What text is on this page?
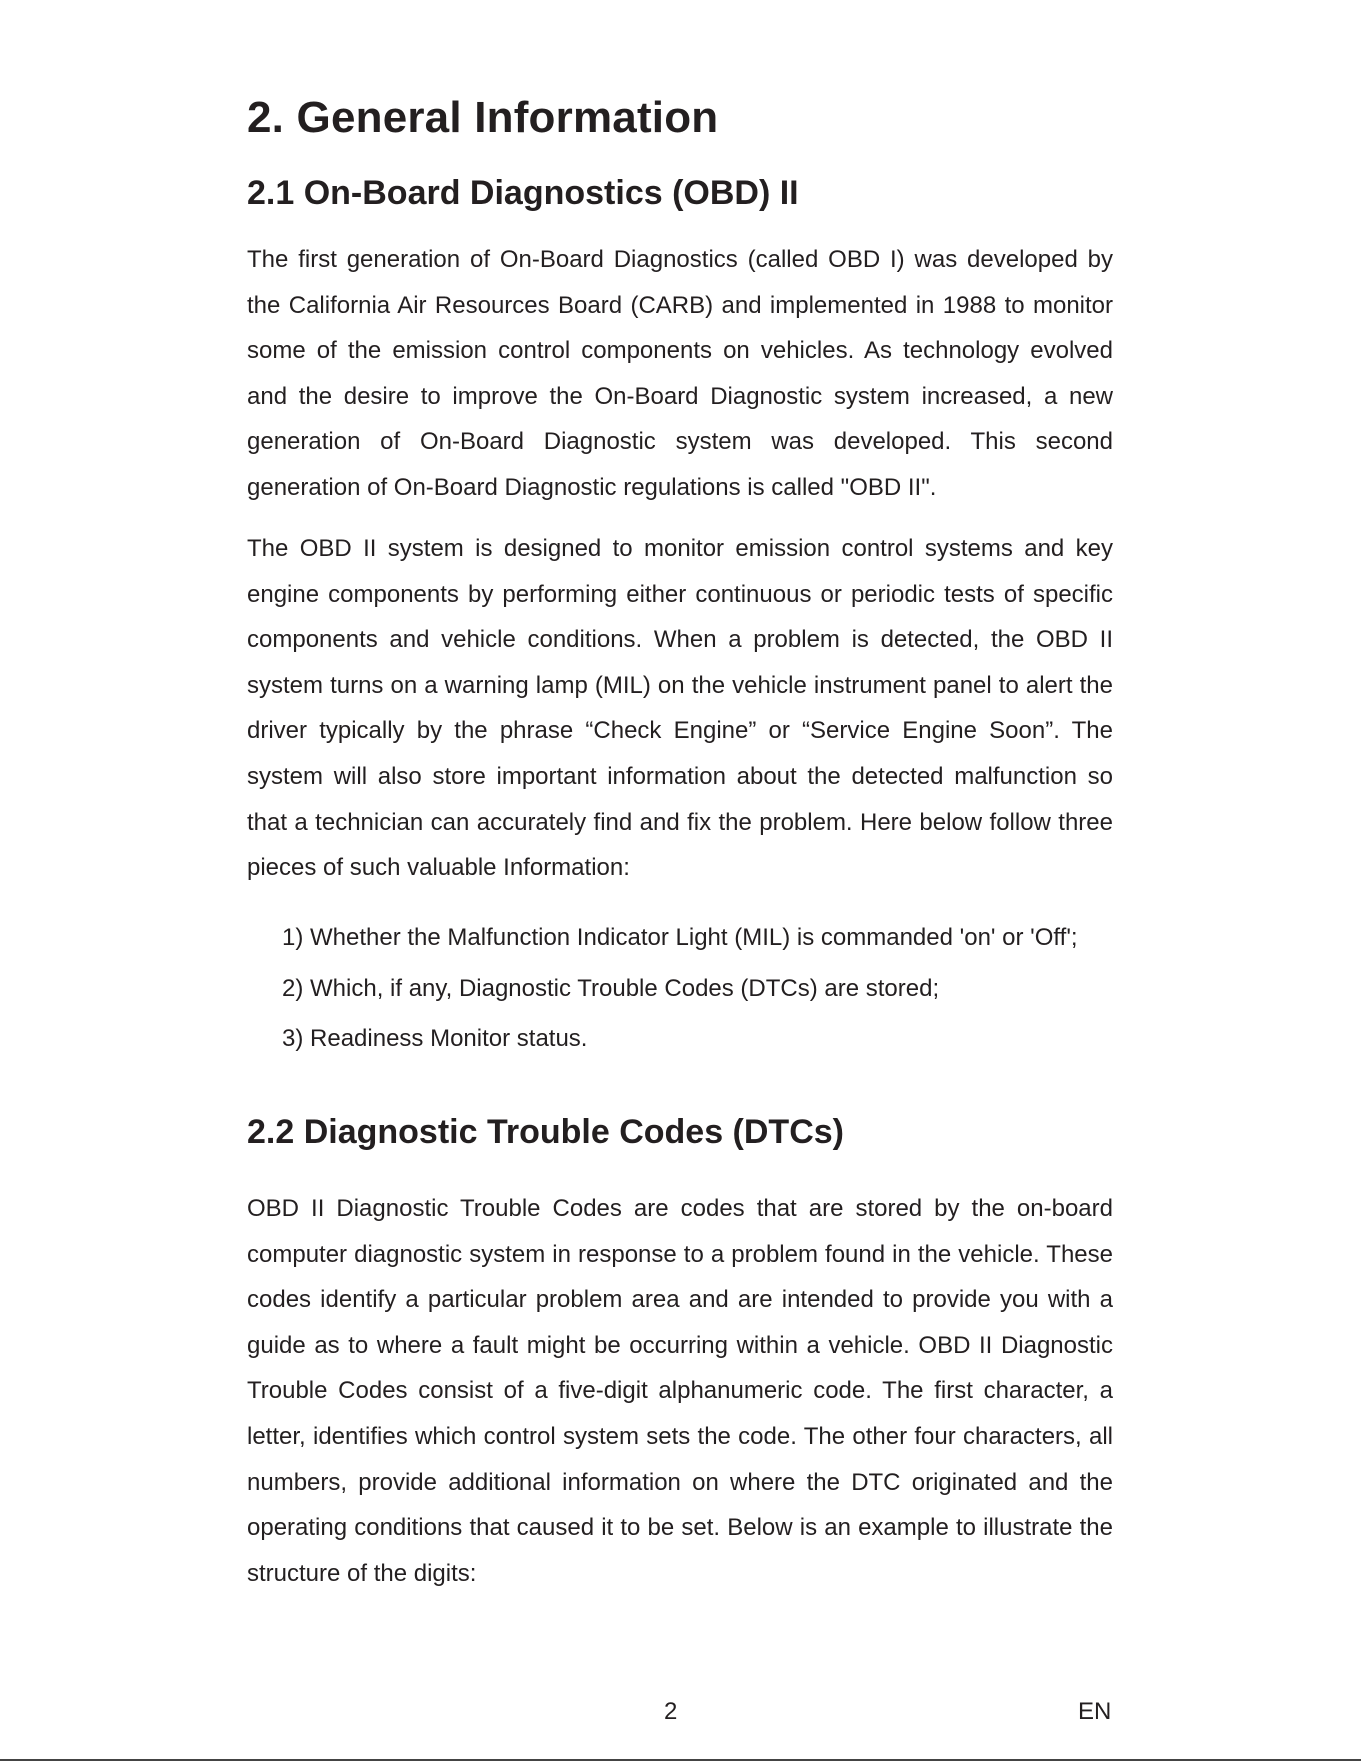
2. General Information
2.1 On-Board Diagnostics (OBD) II

The first generation of On-Board Diagnostics (called OBD I) was developed by the California Air Resources Board (CARB) and implemented in 1988 to monitor some of the emission control components on vehicles. As technology evolved and the desire to improve the On-Board Diagnostic system increased, a new generation of On-Board Diagnostic system was developed. This second generation of On-Board Diagnostic regulations is called "OBD II".

The OBD II system is designed to monitor emission control systems and key engine components by performing either continuous or periodic tests of specific components and vehicle conditions. When a problem is detected, the OBD II system turns on a warning lamp (MIL) on the vehicle instrument panel to alert the driver typically by the phrase “Check Engine” or “Service Engine Soon”. The system will also store important information about the detected malfunction so that a technician can accurately find and fix the problem. Here below follow three pieces of such valuable Information:

1) Whether the Malfunction Indicator Light (MIL) is commanded 'on' or 'Off';
2) Which, if any, Diagnostic Trouble Codes (DTCs) are stored;
3) Readiness Monitor status.
2.2 Diagnostic Trouble Codes (DTCs)

OBD II Diagnostic Trouble Codes are codes that are stored by the on-board computer diagnostic system in response to a problem found in the vehicle. These codes identify a particular problem area and are intended to provide you with a guide as to where a fault might be occurring within a vehicle. OBD II Diagnostic Trouble Codes consist of a five-digit alphanumeric code. The first character, a letter, identifies which control system sets the code. The other four characters, all numbers, provide additional information on where the DTC originated and the operating conditions that caused it to be set. Below is an example to illustrate the structure of the digits:

2	EN
